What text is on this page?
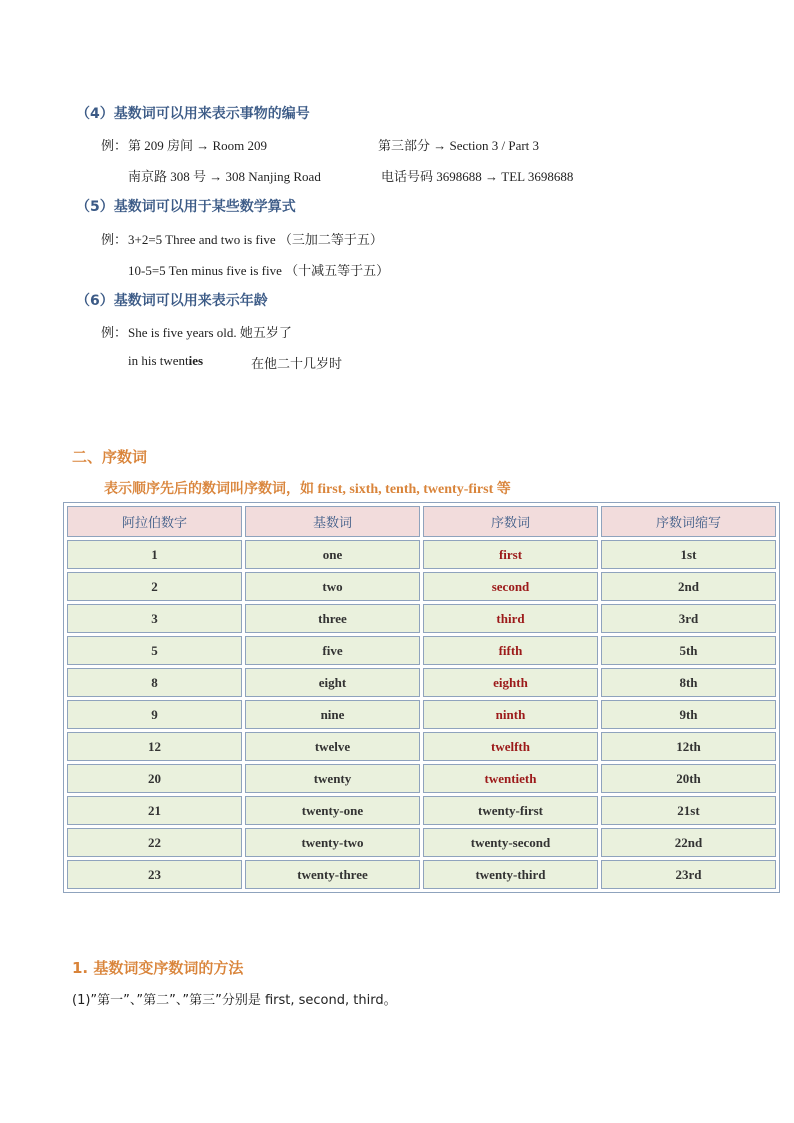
（4）基数词可以用来表示事物的编号
例： 第 209 房间 → Room 209	第三部分 → Section 3 / Part 3
南京路 308 号 → 308 Nanjing Road	电话号码 3698688 → TEL 3698688
（5）基数词可以用于某些数学算式
例： 3+2=5 Three and two is five （三加二等于五）
10-5=5 Ten minus five is five （十减五等于五）
（6）基数词可以用来表示年龄
例： She is five years old. 她五岁了
in his twenties	在他二十几岁时
二、序数词
表示顺序先后的数词叫序数词，如 first, sixth, tenth, twenty-first 等
阿拉伯数字	基数词	序数词	序数词缩写
1	one	first	1st
2	two	second	2nd
3	three	third	3rd
5	five	fifth	5th
8	eight	eighth	8th
9	nine	ninth	9th
12	twelve	twelfth	12th
20	twenty	twentieth	20th
21	twenty-one	twenty-first	21st
22	twenty-two	twenty-second	22nd
23	twenty-three	twenty-third	23rd
1. 基数词变序数词的方法
(1)”第一”、”第二”、”第三”分别是 first, second, third。
